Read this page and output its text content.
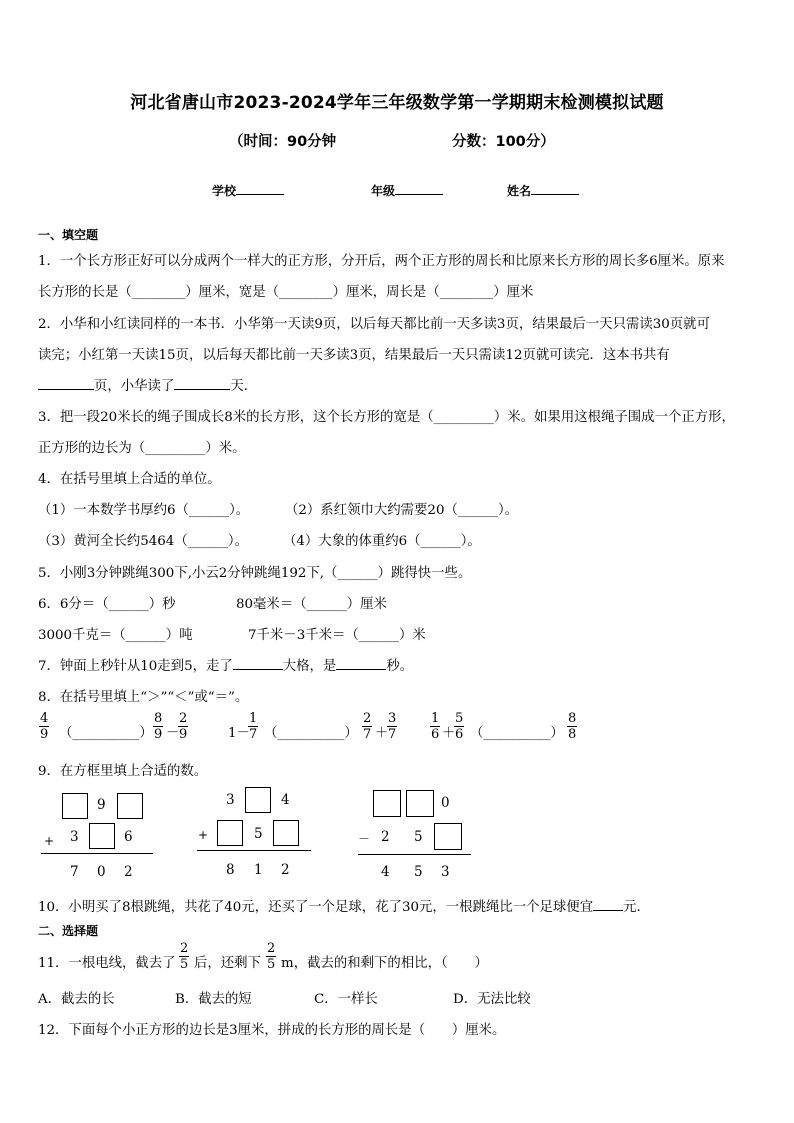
河北省唐山市2023-2024学年三年级数学第一学期期末检测模拟试题
（时间：90分钟	分数：100分）
学校	年级	姓名
一、填空题
1．一个长方形正好可以分成两个一样大的正方形，分开后，两个正方形的周长和比原来长方形的周长多6厘米。原来
长方形的长是（________）厘米，宽是（________）厘米，周长是（________）厘米
2．小华和小红读同样的一本书．小华第一天读9页，以后每天都比前一天多读3页，结果最后一天只需读30页就可
读完；小红第一天读15页，以后每天都比前一天多读3页，结果最后一天只需读12页就可读完．这本书共有
页，小华读了	天．
3．把一段20米长的绳子围成长8米的长方形，这个长方形的宽是（_________）米。如果用这根绳子围成一个正方形，
正方形的边长为（_________）米。
4．在括号里填上合适的单位。
（1）一本数学书厚约6（______）。	（2）系红领巾大约需要20（______）。
（3）黄河全长约5464（______）。	（4）大象的体重约6（______）。
5．小刚3分钟跳绳300下,小云2分钟跳绳192下,（______）跳得快一些。
6．6分＝（______）秒	80毫米＝（______）厘米
3000千克＝（______）吨	7千米－3千米＝（______）米
7．钟面上秒针从10走到5，走了	大格，是	秒。
8．在括号里填上“＞”“＜”或“＝”。
4
9 （__________）
8
9 －
2
9	1－
1
7 （__________）
2
7 ＋
3
7
1
6 ＋
5
6 （__________）
8
8
9．在方框里填上合适的数。
9
+ 3	6
7 0 2
3	4
+	5
8 1 2
0
－ 2 5
4 5 3
10．小明买了8根跳绳，共花了40元，还买了一个足球，花了30元，一根跳绳比一个足球便宜 元．
二、选择题
11．一根电线，截去了
2
5 后，还剩下
2
5 m，截去的和剩下的相比，（　　）
A．截去的长	B．截去的短	C．一样长	D．无法比较
12．下面每个小正方形的边长是3厘米，拼成的长方形的周长是（　　）厘米。
